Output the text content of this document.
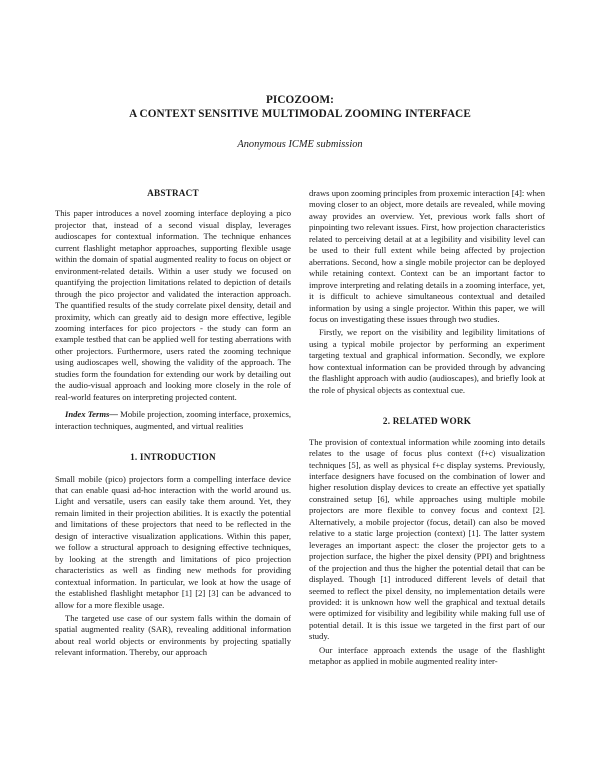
PICOZOOM:
A CONTEXT SENSITIVE MULTIMODAL ZOOMING INTERFACE
Anonymous ICME submission

ABSTRACT

This paper introduces a novel zooming interface deploying a pico projector that, instead of a second visual display, leverages audioscapes for contextual information. The technique enhances current flashlight metaphor approaches, supporting flexible usage within the domain of spatial augmented reality to focus on object or environment-related details. Within a user study we focused on quantifying the projection limitations related to depiction of details through the pico projector and validated the interaction approach. The quantified results of the study correlate pixel density, detail and proximity, which can greatly aid to design more effective, legible zooming interfaces for pico projectors - the study can form an example testbed that can be applied well for testing aberrations with other projectors. Furthermore, users rated the zooming technique using audioscapes well, showing the validity of the approach. The studies form the foundation for extending our work by detailing out the audio-visual approach and looking more closely in the role of real-world features on interpreting projected content.

Index Terms— Mobile projection, zooming interface, proxemics, interaction techniques, augmented, and virtual realities

1. INTRODUCTION

Small mobile (pico) projectors form a compelling interface device that can enable quasi ad-hoc interaction with the world around us. Light and versatile, users can easily take them around. Yet, they remain limited in their projection abilities. It is exactly the potential and limitations of these projectors that need to be reflected in the design of interactive visualization applications. Within this paper, we follow a structural approach to designing effective techniques, by looking at the strength and limitations of pico projection characteristics as well as finding new methods for providing contextual information. In particular, we look at how the usage of the established flashlight metaphor [1] [2] [3] can be advanced to allow for a more flexible usage.

The targeted use case of our system falls within the domain of spatial augmented reality (SAR), revealing additional information about real world objects or environments by projecting spatially relevant information. Thereby, our approach

draws upon zooming principles from proxemic interaction [4]: when moving closer to an object, more details are revealed, while moving away provides an overview. Yet, previous work falls short of pinpointing two relevant issues. First, how projection characteristics related to perceiving detail at at a legibility and visibility level can be used to their full extent while being affected by projection aberrations. Second, how a single mobile projector can be deployed while retaining context. Context can be an important factor to improve interpreting and relating details in a zooming interface, yet, it is difficult to achieve simultaneous contextual and detailed information by using a single projector. Within this paper, we will focus on investigating these issues through two studies.

Firstly, we report on the visibility and legibility limitations of using a typical mobile projector by performing an experiment targeting textual and graphical information. Secondly, we explore how contextual information can be provided through by advancing the flashlight approach with audio (audioscapes), and briefly look at the role of physical objects as contextual cue.

2. RELATED WORK

The provision of contextual information while zooming into details relates to the usage of focus plus context (f+c) visualization techniques [5], as well as physical f+c display systems. Previously, interface designers have focused on the combination of lower and higher resolution display devices to create an effective yet spatially constrained setup [6], while approaches using multiple mobile projectors are more flexible to convey focus and context [2]. Alternatively, a mobile projector (focus, detail) can also be moved relative to a static large projection (context) [1]. The latter system leverages an important aspect: the closer the projector gets to a projection surface, the higher the pixel density (PPI) and brightness of the projection and thus the higher the potential detail that can be displayed. Though [1] introduced different levels of detail that seemed to reflect the pixel density, no implementation details were provided: it is unknown how well the graphical and textual details were optimized for visibility and legibility while making full use of potential detail. It is this issue we targeted in the first part of our study.

Our interface approach extends the usage of the flashlight metaphor as applied in mobile augmented reality inter-
